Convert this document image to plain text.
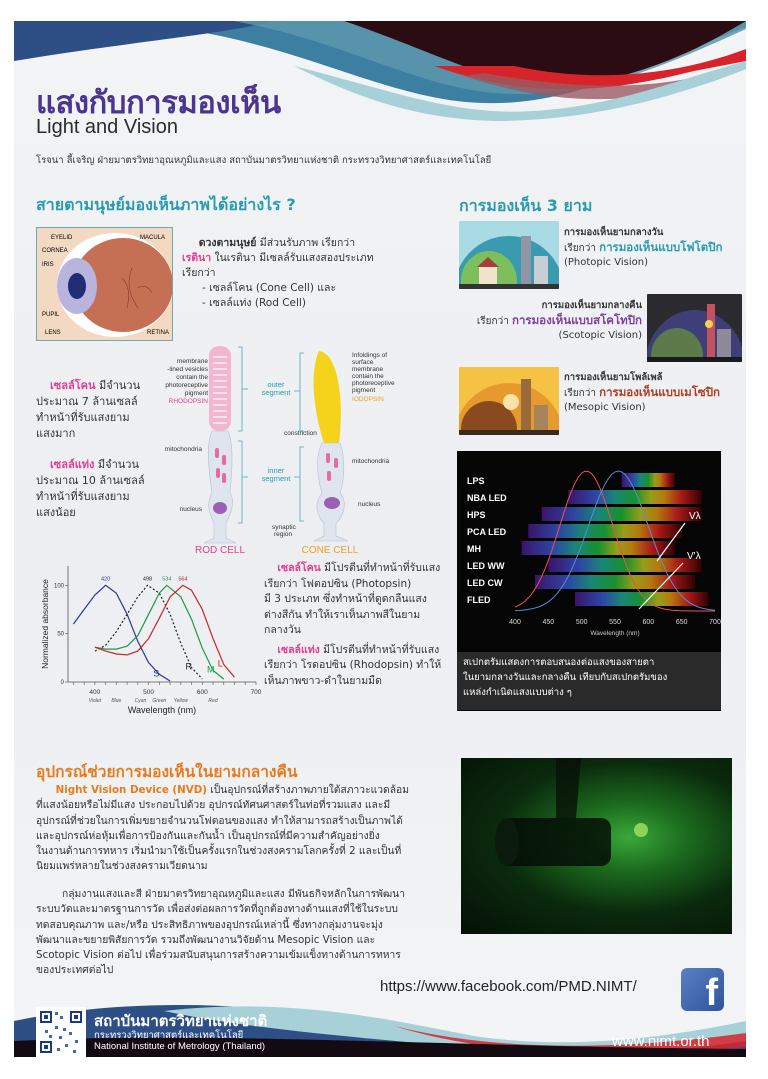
แสงกับการมองเห็น
Light and Vision
โรจนา ลี้เจริญ ฝ่ายมาตรวิทยาอุณหภูมิและแสง สถาบันมาตรวิทยาแห่งชาติ กระทรวงวิทยาศาสตร์และเทคโนโลยี
สายตามนุษย์มองเห็นภาพได้อย่างไร ?
EYELID
CORNEA
IRIS
PUPIL
LENS
MACULA
RETINA
ดวงตามนุษย์ มีส่วนรับภาพ เรียกว่า
เรตินา ในเรตินา มีเซลล์รับแสงสองประเภท
เรียกว่า
- เซลล์โคน (Cone Cell) และ
- เซลล์แท่ง (Rod Cell)
เซลล์โคน มีจำนวน
ประมาณ 7 ล้านเซลล์
ทำหน้าที่รับแสงยาม
แสงมาก
เซลล์แท่ง มีจำนวน
ประมาณ 10 ล้านเซลล์
ทำหน้าที่รับแสงยาม
แสงน้อย
membrane
-lined vesicles
contain the
photoreceptive
pigment
RHODOPSIN
mitochondria
nucleus
Infoldings of
surface
membrane
contain the
photoreceptive
pigment
IODOPSIN
constriction
mitochondria
nucleus
synaptic
region
outer
segment
inner
segment
ROD CELL	CONE CELL
400	500	600	700
0
50
100
Violet Blue	Cyan Green Yellow	Red
Wavelength (nm)
Normalized absorbance	420
S
498
R
534
M
564
L
เซลล์โคน มีโปรตีนที่ทำหน้าที่รับแสง
เรียกว่า โฟตอปซิน (Photopsin)
มี 3 ประเภท ซึ่งทำหน้าที่ดูดกลืนแสง
ต่างสีกัน ทำให้เราเห็นภาพสีในยาม
กลางวัน
เซลล์แท่ง มีโปรตีนที่ทำหน้าที่รับแสง
เรียกว่า โรดอปซิน (Rhodopsin) ทำให้
เห็นภาพขาว-ดำในยามมืด
การมองเห็น 3 ยาม
การมองเห็นยามกลางวัน
เรียกว่า การมองเห็นแบบโฟโตปิก
(Photopic Vision)
การมองเห็นยามกลางคืน
เรียกว่า การมองเห็นแบบสโคโทปิก
(Scotopic Vision)
การมองเห็นยามโพล้เพล้
เรียกว่า การมองเห็นแบบเมโซปิก
(Mesopic Vision)
LPS
NBA LED
HPS
PCA LED
MH
LED WW
LED CW
FLED
400	450	500	550	600	650	700
Wavelength (nm)
Vλ
V'λ
สเปกตรัมแสดงการตอบสนองต่อแสงของสายตา
ในยามกลางวันและกลางคืน เทียบกับสเปกตรัมของ
แหล่งกำเนิดแสงแบบต่าง ๆ
อุปกรณ์ช่วยการมองเห็นในยามกลางคืน
Night Vision Device (NVD) เป็นอุปกรณ์ที่สร้างภาพภายใต้สภาวะแวดล้อม
ที่แสงน้อยหรือไม่มีแสง ประกอบไปด้วย อุปกรณ์ทัศนศาสตร์ในท่อที่รวมแสง และมี
อุปกรณ์ที่ช่วยในการเพิ่มขยายจำนวนโฟตอนของแสง ทำให้สามารถสร้างเป็นภาพได้
และอุปกรณ์ห่อหุ้มเพื่อการป้องกันและกันน้ำ เป็นอุปกรณ์ที่มีความสำคัญอย่างยิ่ง
ในงานด้านการทหาร เริ่มนำมาใช้เป็นครั้งแรกในช่วงสงครามโลกครั้งที่ 2 และเป็นที่
นิยมแพร่หลายในช่วงสงครามเวียดนาม
กลุ่มงานแสงและสี ฝ่ายมาตรวิทยาอุณหภูมิและแสง มีพันธกิจหลักในการพัฒนา
ระบบวัดและมาตรฐานการวัด เพื่อส่งต่อผลการวัดที่ถูกต้องทางด้านแสงที่ใช้ในระบบ
ทดสอบคุณภาพ และ/หรือ ประสิทธิภาพของอุปกรณ์เหล่านี้ ซึ่งทางกลุ่มงานจะมุ่ง
พัฒนาและขยายพิสัยการวัด รวมถึงพัฒนางานวิจัยด้าน Mesopic Vision และ
Scotopic Vision ต่อไป เพื่อร่วมสนับสนุนการสร้างความเข้มแข็งทางด้านการทหาร
ของประเทศต่อไป
https://www.facebook.com/PMD.NIMT/	f
สถาบันมาตรวิทยาแห่งชาติ
กระทรวงวิทยาศาสตร์และเทคโนโลยี
National Institute of Metrology (Thailand)	www.nimt.or.th
